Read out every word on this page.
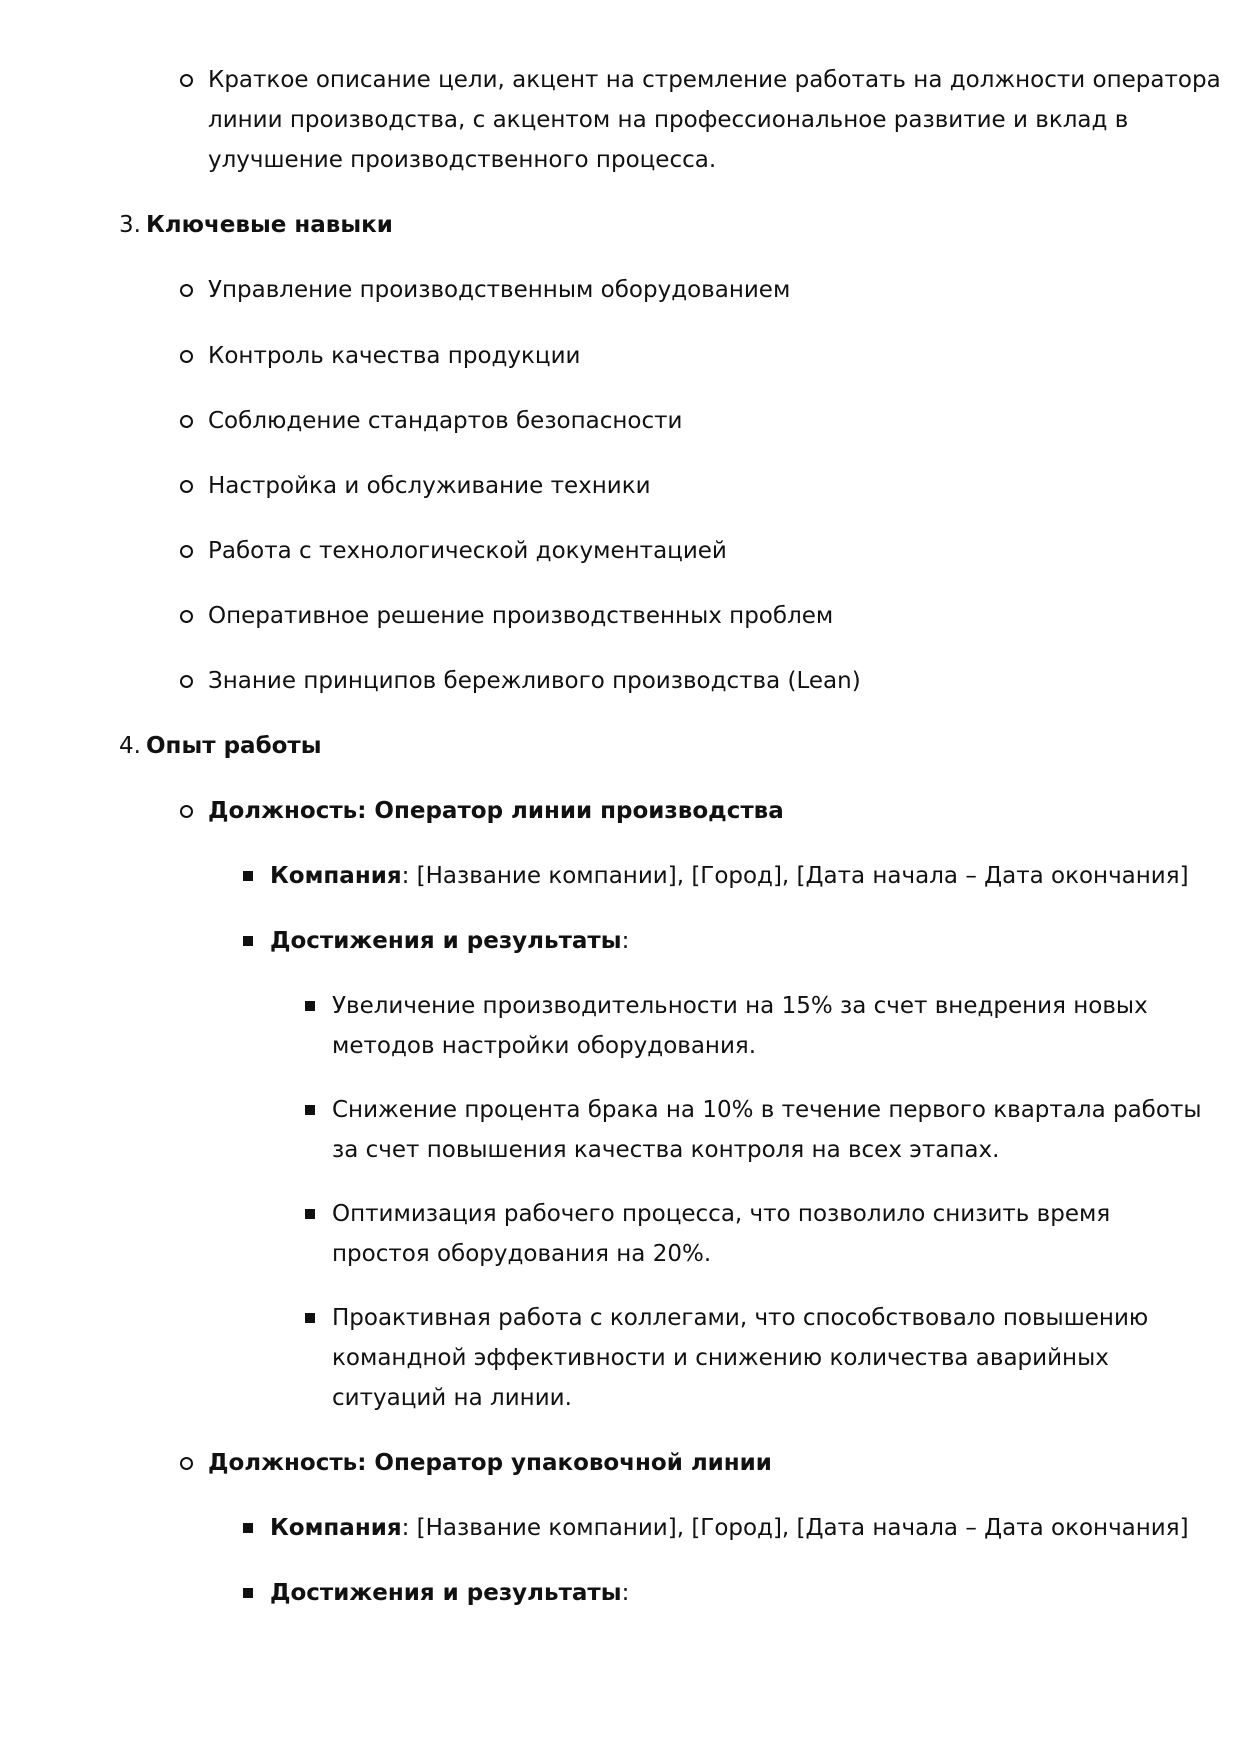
Краткое описание цели, акцент на стремление работать на должности оператора
линии производства, с акцентом на профессиональное развитие и вклад в
улучшение производственного процесса.
3. Ключевые навыки
Управление производственным оборудованием
Контроль качества продукции
Соблюдение стандартов безопасности
Настройка и обслуживание техники
Работа с технологической документацией
Оперативное решение производственных проблем
Знание принципов бережливого производства (Lean)
4. Опыт работы
Должность: Оператор линии производства
Компания: [Название компании], [Город], [Дата начала – Дата окончания]
Достижения и результаты:
Увеличение производительности на 15% за счет внедрения новых
методов настройки оборудования.
Снижение процента брака на 10% в течение первого квартала работы
за счет повышения качества контроля на всех этапах.
Оптимизация рабочего процесса, что позволило снизить время
простоя оборудования на 20%.
Проактивная работа с коллегами, что способствовало повышению
командной эффективности и снижению количества аварийных
ситуаций на линии.
Должность: Оператор упаковочной линии
Компания: [Название компании], [Город], [Дата начала – Дата окончания]
Достижения и результаты:
